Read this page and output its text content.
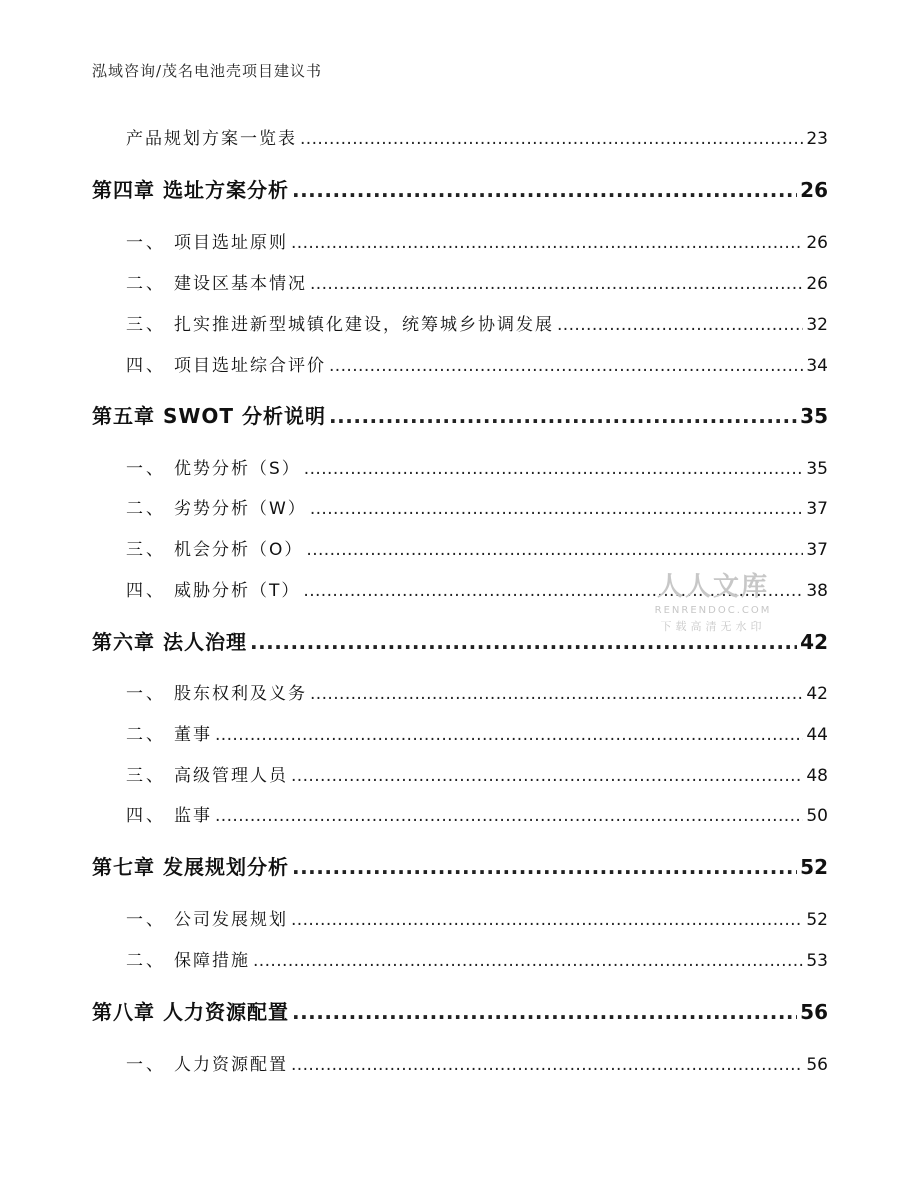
泓域咨询/茂名电池壳项目建议书
产品规划方案一览表 .....	23
第四章 选址方案分析 .....	26
一、 项目选址原则 .....	26
二、 建设区基本情况 .....	26
三、 扎实推进新型城镇化建设，统筹城乡协调发展 .....	32
四、 项目选址综合评价 .....	34
第五章 SWOT 分析说明 .....	35
一、 优势分析（S） .....	35
二、 劣势分析（W） .....	37
三、 机会分析（O） .....	37
四、 威胁分析（T） .....	38
第六章 法人治理 .....	42
一、 股东权利及义务 .....	42
二、 董事 .....	44
三、 高级管理人员 .....	48
四、 监事 .....	50
第七章 发展规划分析 .....	52
一、 公司发展规划 .....	52
二、 保障措施 .....	53
第八章 人力资源配置 .....	56
一、 人力资源配置 .....	56
人人文库
RENRENDOC.COM
下载高清无水印
